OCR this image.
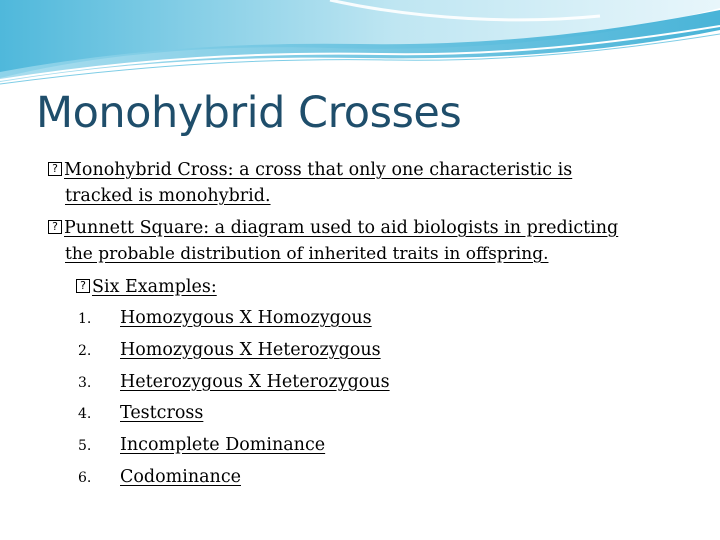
Monohybrid Crosses
?Monohybrid Cross: a cross that only one characteristic is
tracked is monohybrid.
?Punnett Square: a diagram used to aid biologists in predicting
the probable distribution of inherited traits in offspring.
?Six Examples:
1. Homozygous X Homozygous
2. Homozygous X Heterozygous
3. Heterozygous X Heterozygous
4. Testcross
5. Incomplete Dominance
6. Codominance
